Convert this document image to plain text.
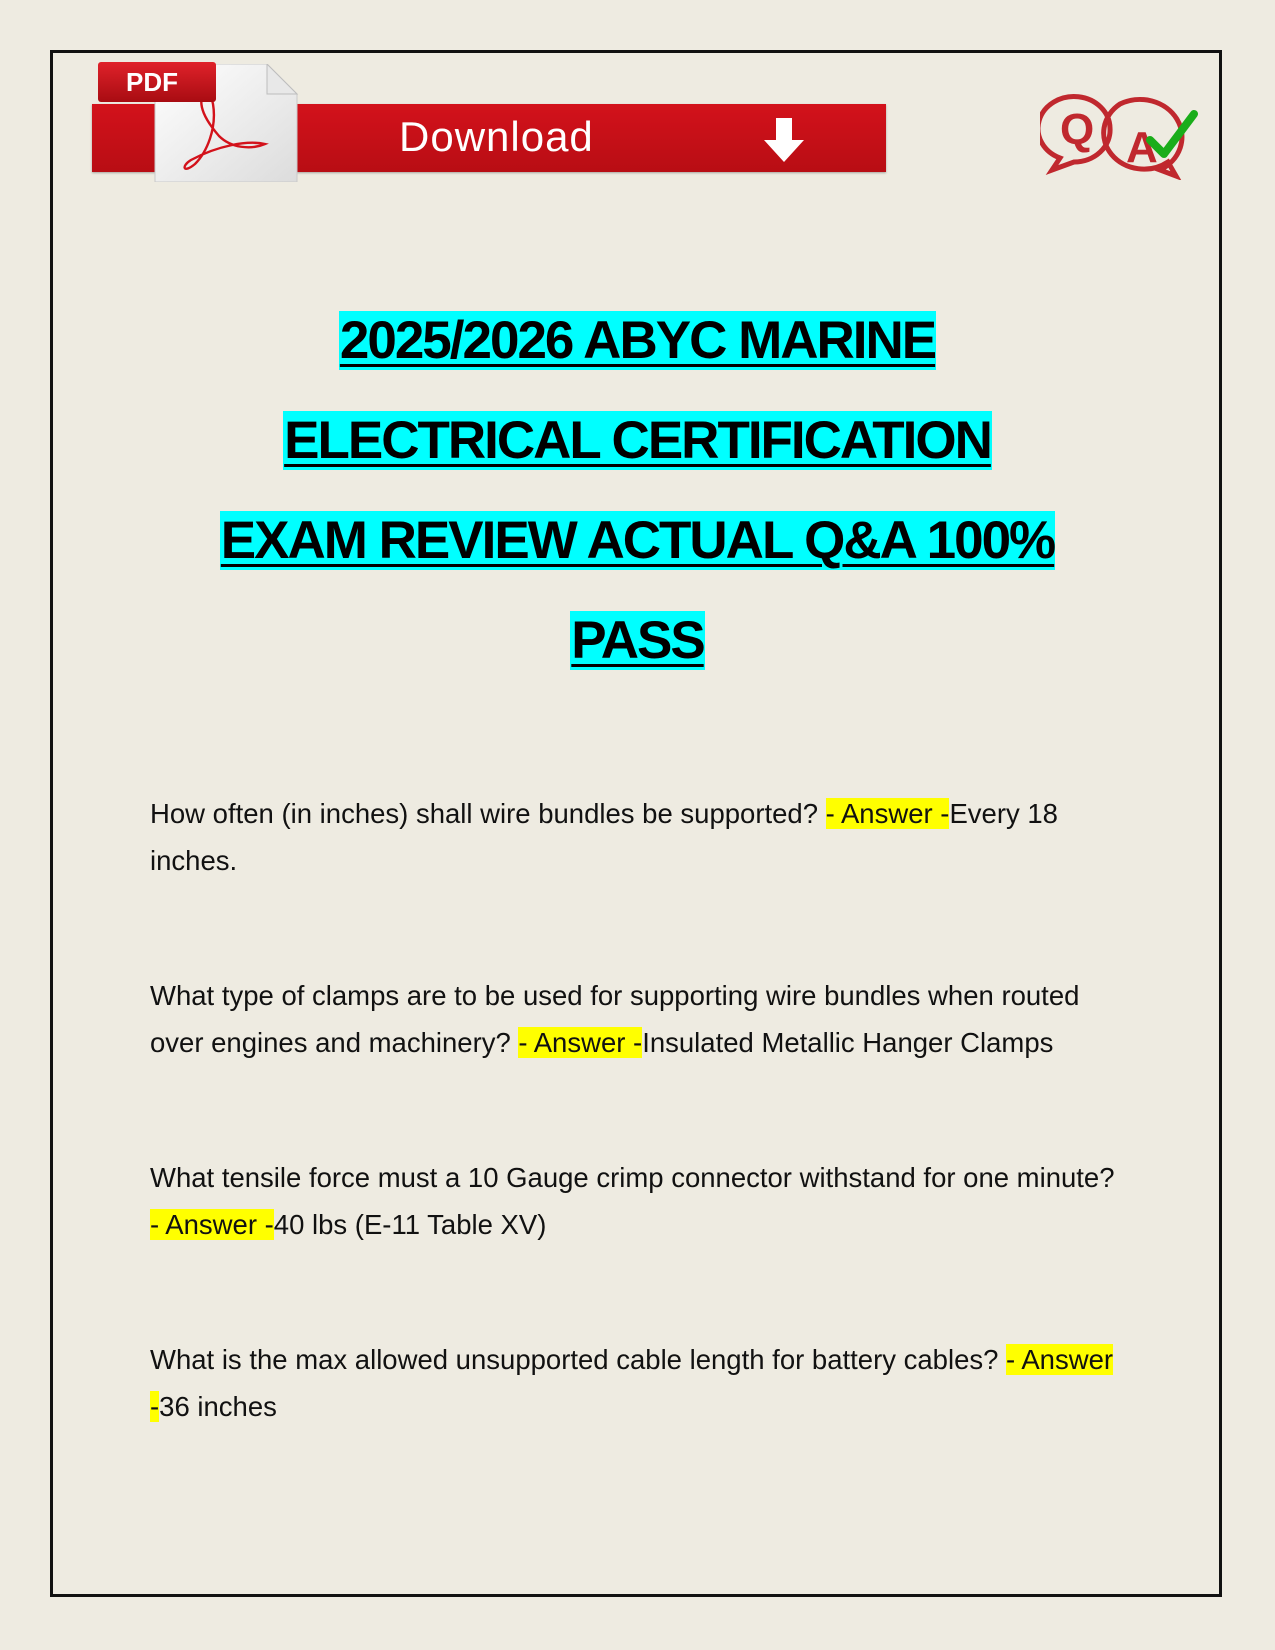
PDF
Download	Q A
2025/2026 ABYC MARINE
ELECTRICAL CERTIFICATION
EXAM REVIEW ACTUAL Q&A 100%
PASS

How often (in inches) shall wire bundles be supported? - Answer -Every 18 inches.

What type of clamps are to be used for supporting wire bundles when routed over engines and machinery? - Answer -Insulated Metallic Hanger Clamps

What tensile force must a 10 Gauge crimp connector withstand for one minute? - Answer -40 lbs (E-11 Table XV)

What is the max allowed unsupported cable length for battery cables? - Answer -36 inches
